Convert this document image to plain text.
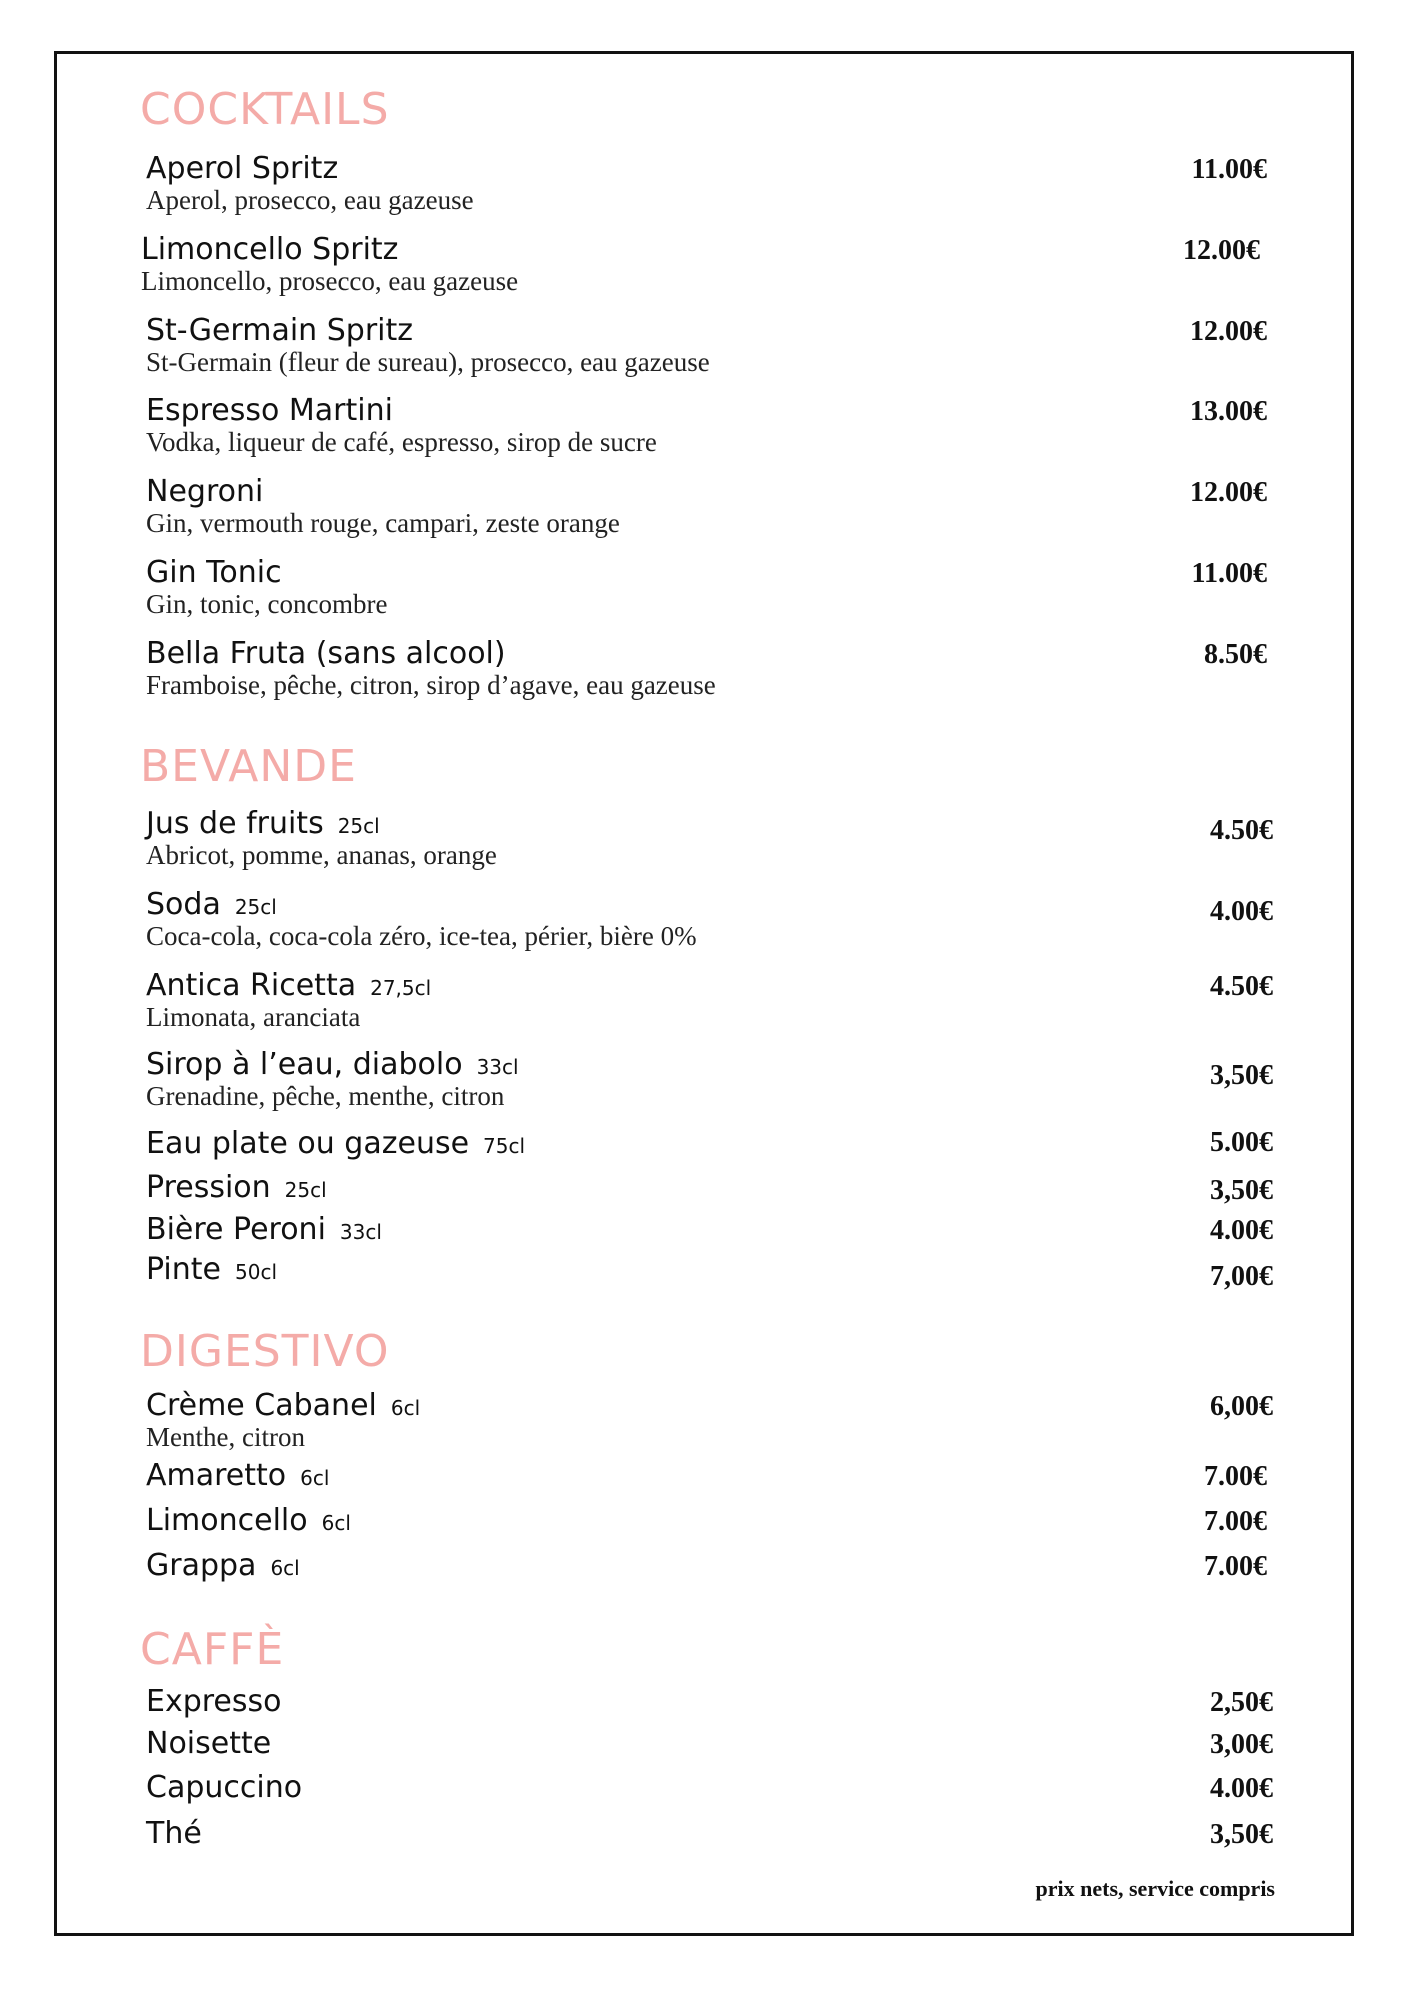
COCKTAILS
Aperol Spritz
Aperol, prosecco, eau gazeuse
11.00€
Limoncello Spritz
Limoncello, prosecco, eau gazeuse
12.00€
St-Germain Spritz
St-Germain (fleur de sureau), prosecco, eau gazeuse
12.00€
Espresso Martini
Vodka, liqueur de café, espresso, sirop de sucre
13.00€
Negroni
Gin, vermouth rouge, campari, zeste orange
12.00€
Gin Tonic
Gin, tonic, concombre
11.00€
Bella Fruta (sans alcool)
Framboise, pêche, citron, sirop d’agave, eau gazeuse
8.50€
BEVANDE
Jus de fruits 25cl
Abricot, pomme, ananas, orange
4.50€
Soda 25cl
Coca-cola, coca-cola zéro, ice-tea, périer, bière 0%
4.00€
Antica Ricetta 27,5cl
Limonata, aranciata
4.50€
Sirop à l’eau, diabolo 33cl
Grenadine, pêche, menthe, citron
3,50€
Eau plate ou gazeuse 75cl	5.00€
Pression 25cl	3,50€
Bière Peroni 33cl	4.00€
Pinte 50cl	7,00€
DIGESTIVO
Crème Cabanel 6cl
Menthe, citron
6,00€
Amaretto 6cl	7.00€
Limoncello 6cl	7.00€
Grappa 6cl	7.00€
CAFFÈ
Expresso	2,50€
Noisette	3,00€
Capuccino	4.00€
Thé	3,50€
prix nets, service compris
